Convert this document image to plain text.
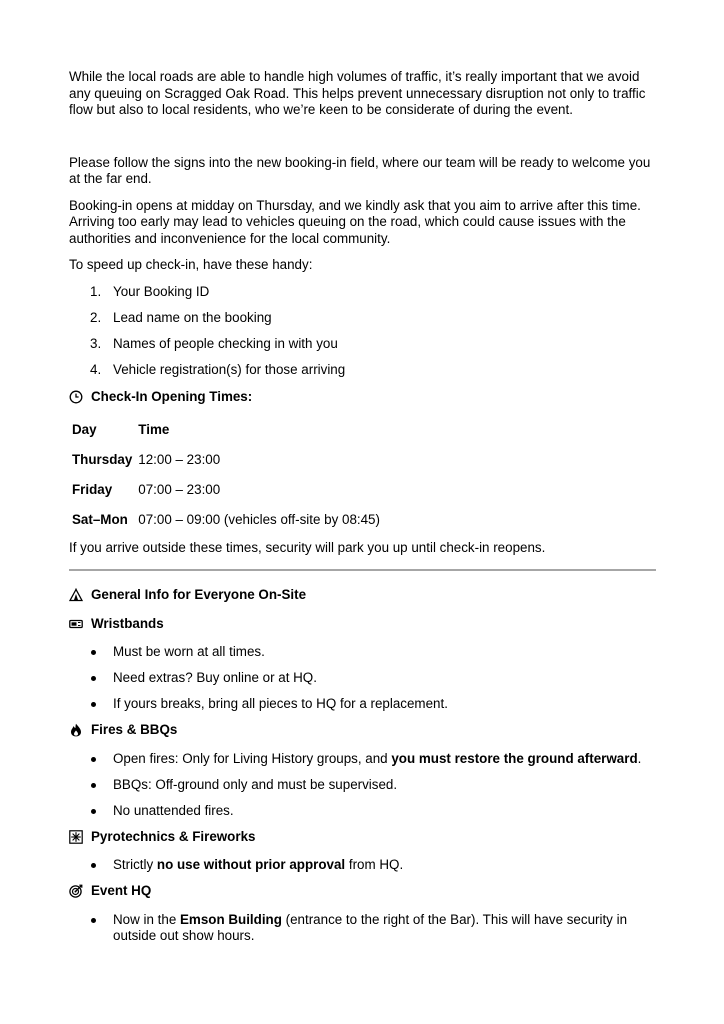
While the local roads are able to handle high volumes of traffic, it’s really important that we avoid any queuing on Scragged Oak Road. This helps prevent unnecessary disruption not only to traffic flow but also to local residents, who we’re keen to be considerate of during the event.

Please follow the signs into the new booking-in field, where our team will be ready to welcome you at the far end.

Booking-in opens at midday on Thursday, and we kindly ask that you aim to arrive after this time. Arriving too early may lead to vehicles queuing on the road, which could cause issues with the authorities and inconvenience for the local community.

To speed up check-in, have these handy:

1. Your Booking ID
2. Lead name on the booking
3. Names of people checking in with you
4. Vehicle registration(s) for those arriving
Check-In Opening Times:
Day	Time
Thursday	12:00 – 23:00
Friday	07:00 – 23:00
Sat–Mon	07:00 – 09:00 (vehicles off-site by 08:45)

If you arrive outside these times, security will park you up until check-in reopens.

General Info for Everyone On-Site
Wristbands
Must be worn at all times.
Need extras? Buy online or at HQ.
If yours breaks, bring all pieces to HQ for a replacement.
Fires & BBQs
Open fires: Only for Living History groups, and you must restore the ground afterward.
BBQs: Off-ground only and must be supervised.
No unattended fires.
Pyrotechnics & Fireworks
Strictly no use without prior approval from HQ.
Event HQ
Now in the Emson Building (entrance to the right of the Bar). This will have security in outside out show hours.
